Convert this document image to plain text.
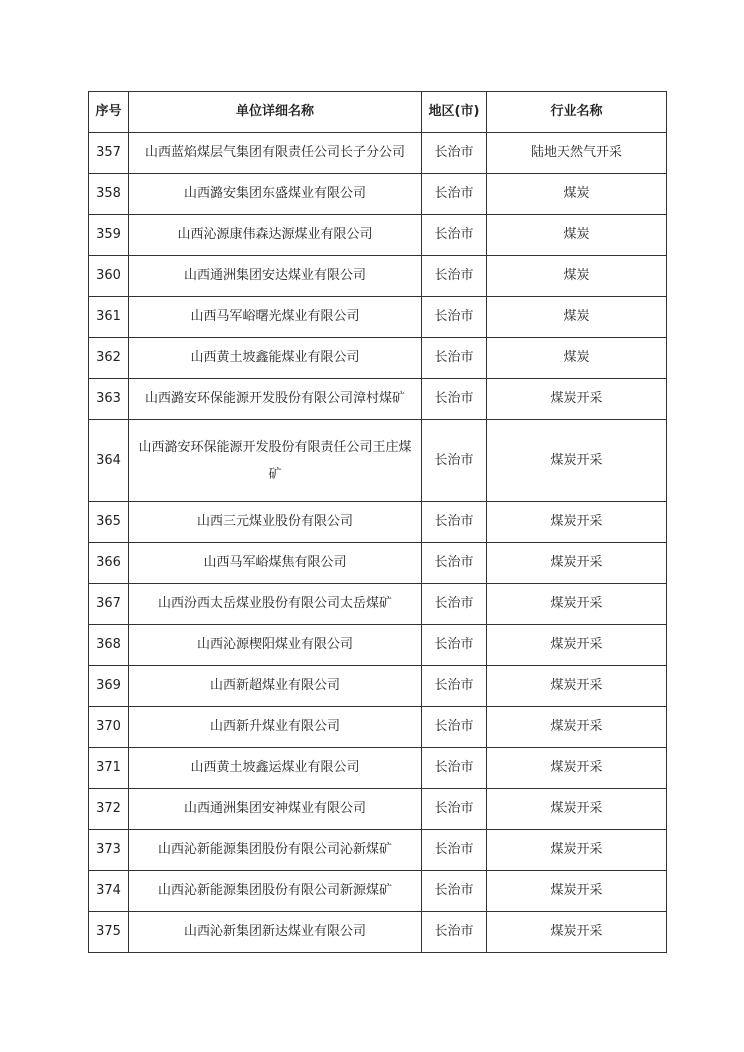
序号	单位详细名称	地区(市)	行业名称
357	山西蓝焰煤层气集团有限责任公司长子分公司	长治市	陆地天然气开采
358	山西潞安集团东盛煤业有限公司	长治市	煤炭
359	山西沁源康伟森达源煤业有限公司	长治市	煤炭
360	山西通洲集团安达煤业有限公司	长治市	煤炭
361	山西马军峪曙光煤业有限公司	长治市	煤炭
362	山西黄土坡鑫能煤业有限公司	长治市	煤炭
363	山西潞安环保能源开发股份有限公司漳村煤矿	长治市	煤炭开采
364	山西潞安环保能源开发股份有限责任公司王庄煤矿	长治市	煤炭开采
365	山西三元煤业股份有限公司	长治市	煤炭开采
366	山西马军峪煤焦有限公司	长治市	煤炭开采
367	山西汾西太岳煤业股份有限公司太岳煤矿	长治市	煤炭开采
368	山西沁源楔阳煤业有限公司	长治市	煤炭开采
369	山西新超煤业有限公司	长治市	煤炭开采
370	山西新升煤业有限公司	长治市	煤炭开采
371	山西黄土坡鑫运煤业有限公司	长治市	煤炭开采
372	山西通洲集团安神煤业有限公司	长治市	煤炭开采
373	山西沁新能源集团股份有限公司沁新煤矿	长治市	煤炭开采
374	山西沁新能源集团股份有限公司新源煤矿	长治市	煤炭开采
375	山西沁新集团新达煤业有限公司	长治市	煤炭开采
